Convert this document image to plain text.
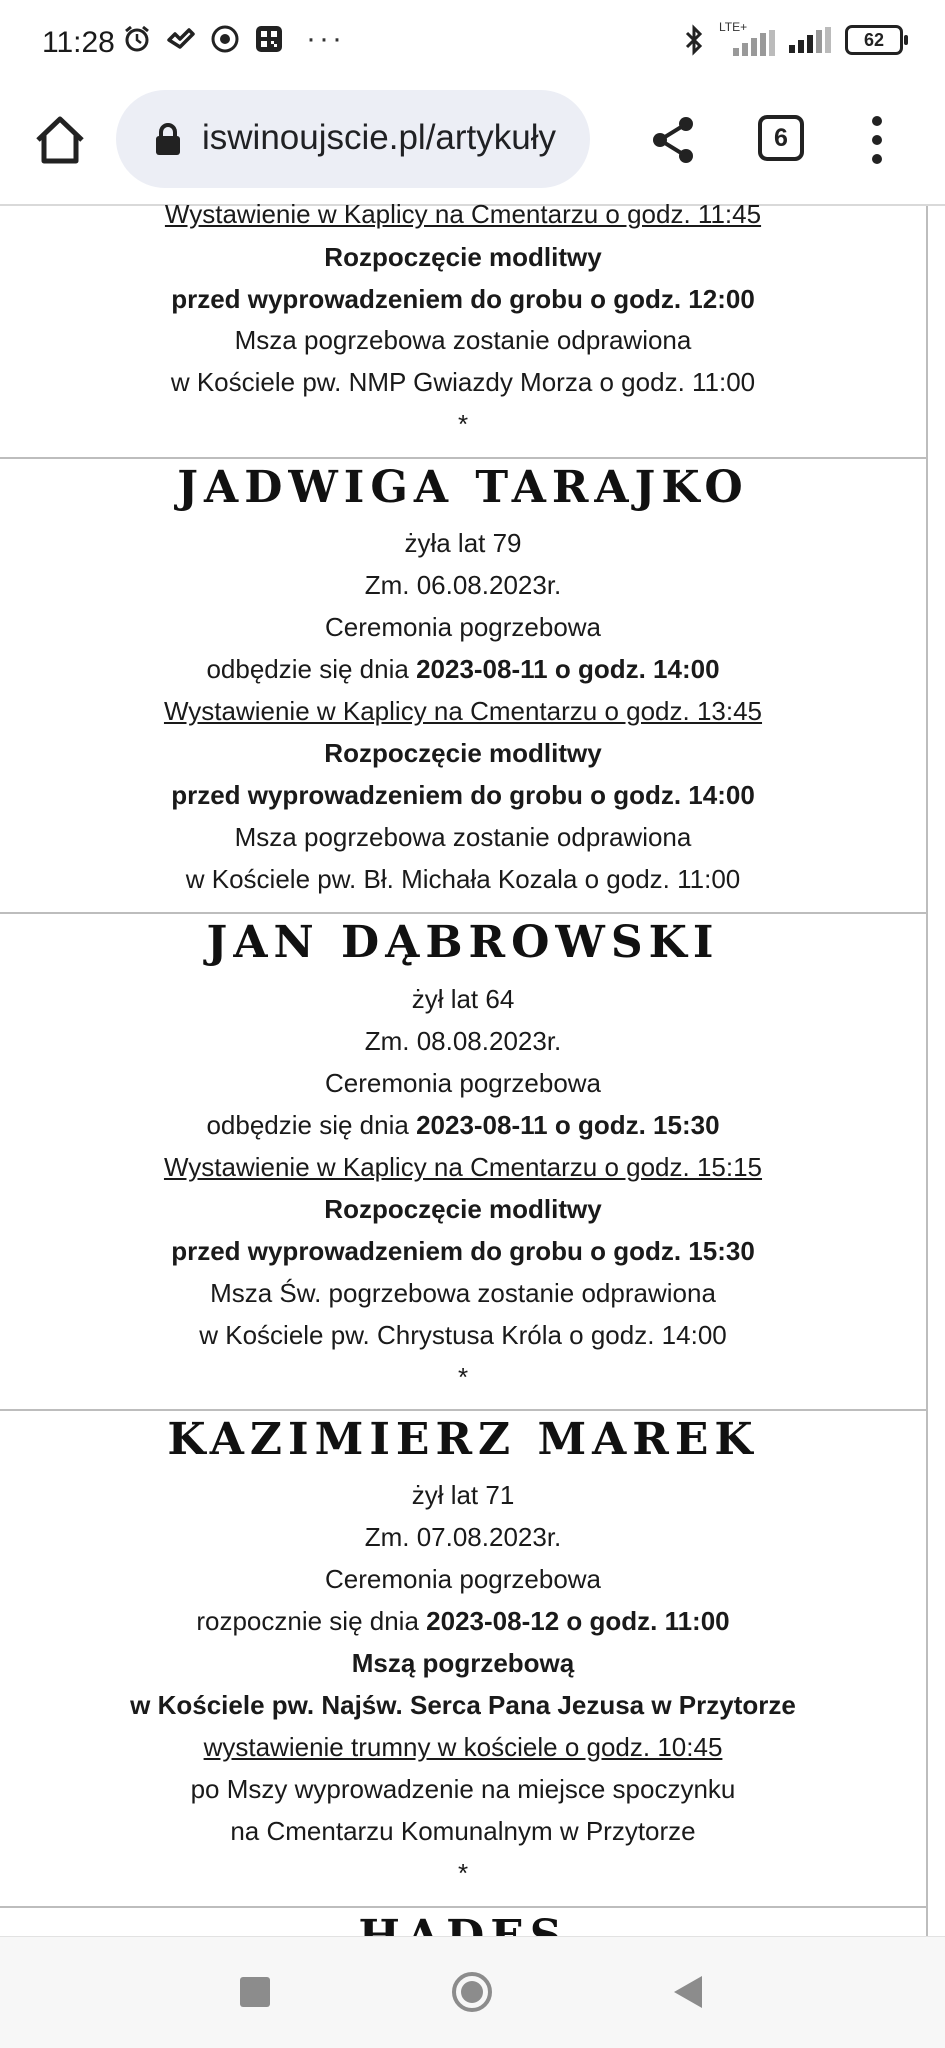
11:28	···	LTE+
62
iswinoujscie.pl/artykuły	6
Wystawienie w Kaplicy na Cmentarzu o godz. 11:45
Rozpoczęcie modlitwy
przed wyprowadzeniem do grobu o godz. 12:00
Msza pogrzebowa zostanie odprawiona
w Kościele pw. NMP Gwiazdy Morza o godz. 11:00
*
JADWIGA TARAJKO
żyła lat 79
Zm. 06.08.2023r.
Ceremonia pogrzebowa
odbędzie się dnia 2023-08-11 o godz. 14:00
Wystawienie w Kaplicy na Cmentarzu o godz. 13:45
Rozpoczęcie modlitwy
przed wyprowadzeniem do grobu o godz. 14:00
Msza pogrzebowa zostanie odprawiona
w Kościele pw. Bł. Michała Kozala o godz. 11:00
JAN DĄBROWSKI
żył lat 64
Zm. 08.08.2023r.
Ceremonia pogrzebowa
odbędzie się dnia 2023-08-11 o godz. 15:30
Wystawienie w Kaplicy na Cmentarzu o godz. 15:15
Rozpoczęcie modlitwy
przed wyprowadzeniem do grobu o godz. 15:30
Msza Św. pogrzebowa zostanie odprawiona
w Kościele pw. Chrystusa Króla o godz. 14:00
*
KAZIMIERZ MAREK
żył lat 71
Zm. 07.08.2023r.
Ceremonia pogrzebowa
rozpocznie się dnia 2023-08-12 o godz. 11:00
Mszą pogrzebową
w Kościele pw. Najśw. Serca Pana Jezusa w Przytorze
wystawienie trumny w kościele o godz. 10:45
po Mszy wyprowadzenie na miejsce spoczynku
na Cmentarzu Komunalnym w Przytorze
*
